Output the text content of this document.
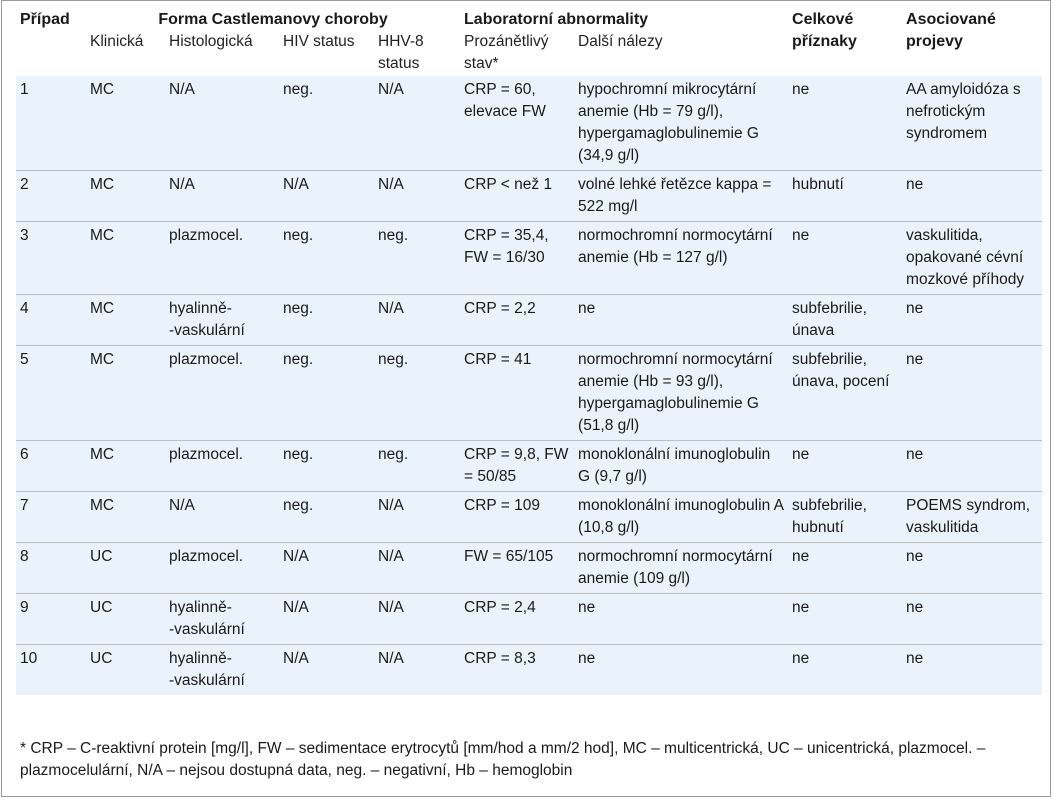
Případ	Forma Castlemanovy choroby				Laboratorní abnormality		Celkové příznaky	Asociované projevy
	Klinická	Histologická	HIV status	HHV-8 status	Prozánětlivý stav*	Další nálezy		
1	MC	N/A	neg.	N/A	CRP = 60, elevace FW	hypochromní mikrocytární anemie (Hb = 79 g/l), hypergamaglobulinemie G (34,9 g/l)	ne	AA amyloidóza s nefrotickým syndromem
2	MC	N/A	N/A	N/A	CRP < než 1	volné lehké řetězce kappa = 522 mg/l	hubnutí	ne
3	MC	plazmocel.	neg.	neg.	CRP = 35,4, FW = 16/30	normochromní normocytární anemie (Hb = 127 g/l)	ne	vaskulitida, opakované cévní mozkové příhody
4	MC	hyalinně-
-vaskulární	neg.	N/A	CRP = 2,2	ne	subfebrilie, únava	ne
5	MC	plazmocel.	neg.	neg.	CRP = 41	normochromní normocytární anemie (Hb = 93 g/l), hypergamaglobulinemie G (51,8 g/l)	subfebrilie, únava, pocení	ne
6	MC	plazmocel.	neg.	neg.	CRP = 9,8, FW = 50/85	monoklonální imunoglobulin G (9,7 g/l)	ne	ne
7	MC	N/A	neg.	N/A	CRP = 109	monoklonální imunoglobulin A (10,8 g/l)	subfebrilie, hubnutí	POEMS syndrom, vaskulitida
8	UC	plazmocel.	N/A	N/A	FW = 65/105	normochromní normocytární anemie (109 g/l)	ne	ne
9	UC	hyalinně-
-vaskulární	N/A	N/A	CRP = 2,4	ne	ne	ne
10	UC	hyalinně-
-vaskulární	N/A	N/A	CRP = 8,3	ne	ne	ne
* CRP – C-reaktivní protein [mg/l], FW – sedimentace erytrocytů [mm/hod a mm/2 hod], MC – multicentrická, UC – unicentrická, plazmocel. – plazmocelulární, N/A – nejsou dostupná data, neg. – negativní, Hb – hemoglobin
